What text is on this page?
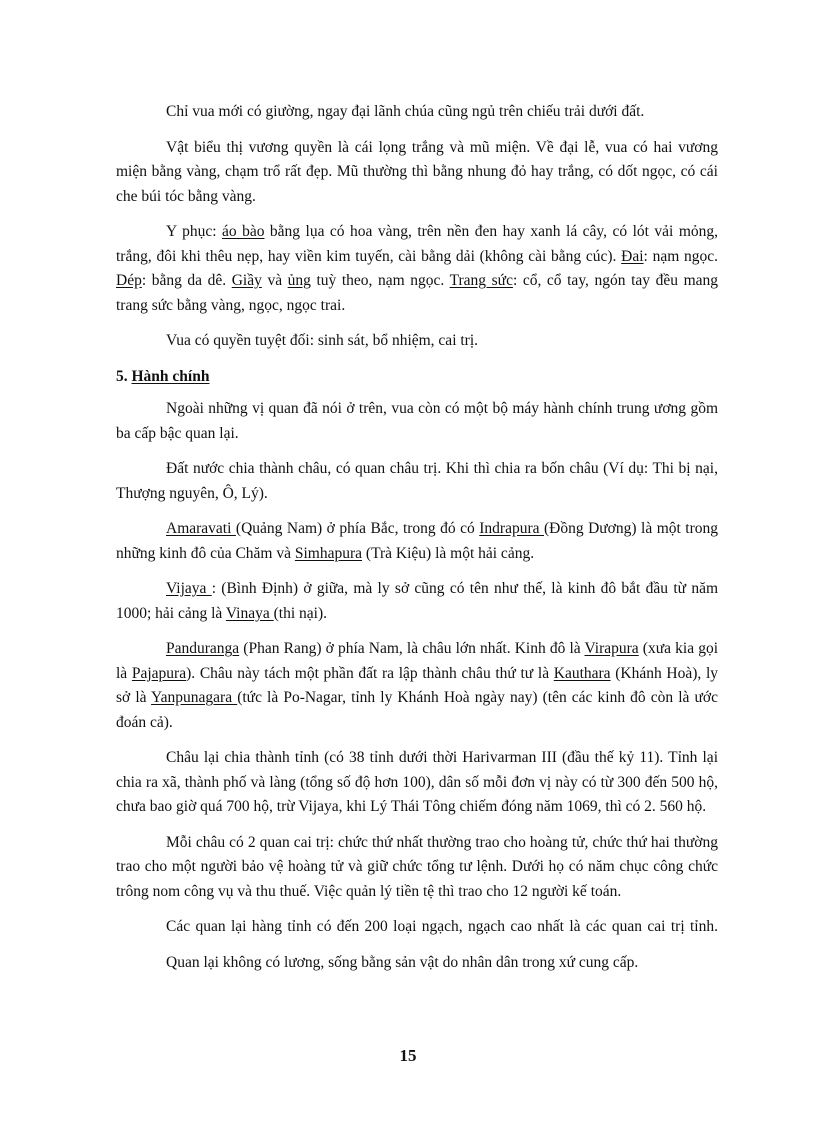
Chỉ vua mới có giường, ngay đại lãnh chúa cũng ngủ trên chiếu trải dưới đất.

Vật biểu thị vương quyền là cái lọng trắng và mũ miện. Về đại lễ, vua có hai vương miện bằng vàng, chạm trổ rất đẹp. Mũ thường thì bằng nhung đỏ hay trắng, có dốt ngọc, có cái che búi tóc bằng vàng.

Y phục: áo bào bằng lụa có hoa vàng, trên nền đen hay xanh lá cây, có lót vải mỏng, trắng, đôi khi thêu nẹp, hay viền kim tuyến, cài bằng dải (không cài bằng cúc). Đai: nạm ngọc. Dép: bằng da dê. Giầy và ủng tuỳ theo, nạm ngọc. Trang sức: cổ, cổ tay, ngón tay đều mang trang sức bằng vàng, ngọc, ngọc trai.

Vua có quyền tuyệt đối: sinh sát, bổ nhiệm, cai trị.

5. Hành chính

Ngoài những vị quan đã nói ở trên, vua còn có một bộ máy hành chính trung ương gồm ba cấp bậc quan lại.

Đất nước chia thành châu, có quan châu trị. Khi thì chia ra bốn châu (Ví dụ: Thi bị nại, Thượng nguyên, Ô, Lý).

Amaravati (Quảng Nam) ở phía Bắc, trong đó có Indrapura (Đồng Dương) là một trong những kinh đô của Chăm và Simhapura (Trà Kiệu) là một hải cảng.

Vijaya : (Bình Định) ở giữa, mà ly sở cũng có tên như thế, là kinh đô bắt đầu từ năm 1000; hải cảng là Vinaya (thi nại).

Panduranga (Phan Rang) ở phía Nam, là châu lớn nhất. Kinh đô là Virapura (xưa kia gọi là Pajapura). Châu này tách một phần đất ra lập thành châu thứ tư là Kauthara (Khánh Hoà), ly sở là Yanpunagara (tức là Po-Nagar, tỉnh ly Khánh Hoà ngày nay) (tên các kinh đô còn là ước đoán cả).

Châu lại chia thành tỉnh (có 38 tỉnh dưới thời Harivarman III (đầu thế kỷ 11). Tỉnh lại chia ra xã, thành phố và làng (tổng số độ hơn 100), dân số mỗi đơn vị này có từ 300 đến 500 hộ, chưa bao giờ quá 700 hộ, trừ Vijaya, khi Lý Thái Tông chiếm đóng năm 1069, thì có 2. 560 hộ.

Mỗi châu có 2 quan cai trị: chức thứ nhất thường trao cho hoàng tử, chức thứ hai thường trao cho một người bảo vệ hoàng tử và giữ chức tổng tư lệnh. Dưới họ có năm chục công chức trông nom công vụ và thu thuế. Việc quản lý tiền tệ thì trao cho 12 người kế toán.

Các quan lại hàng tỉnh có đến 200 loại ngạch, ngạch cao nhất là các quan cai trị tỉnh.

Quan lại không có lương, sống bằng sản vật do nhân dân trong xứ cung cấp.

15
